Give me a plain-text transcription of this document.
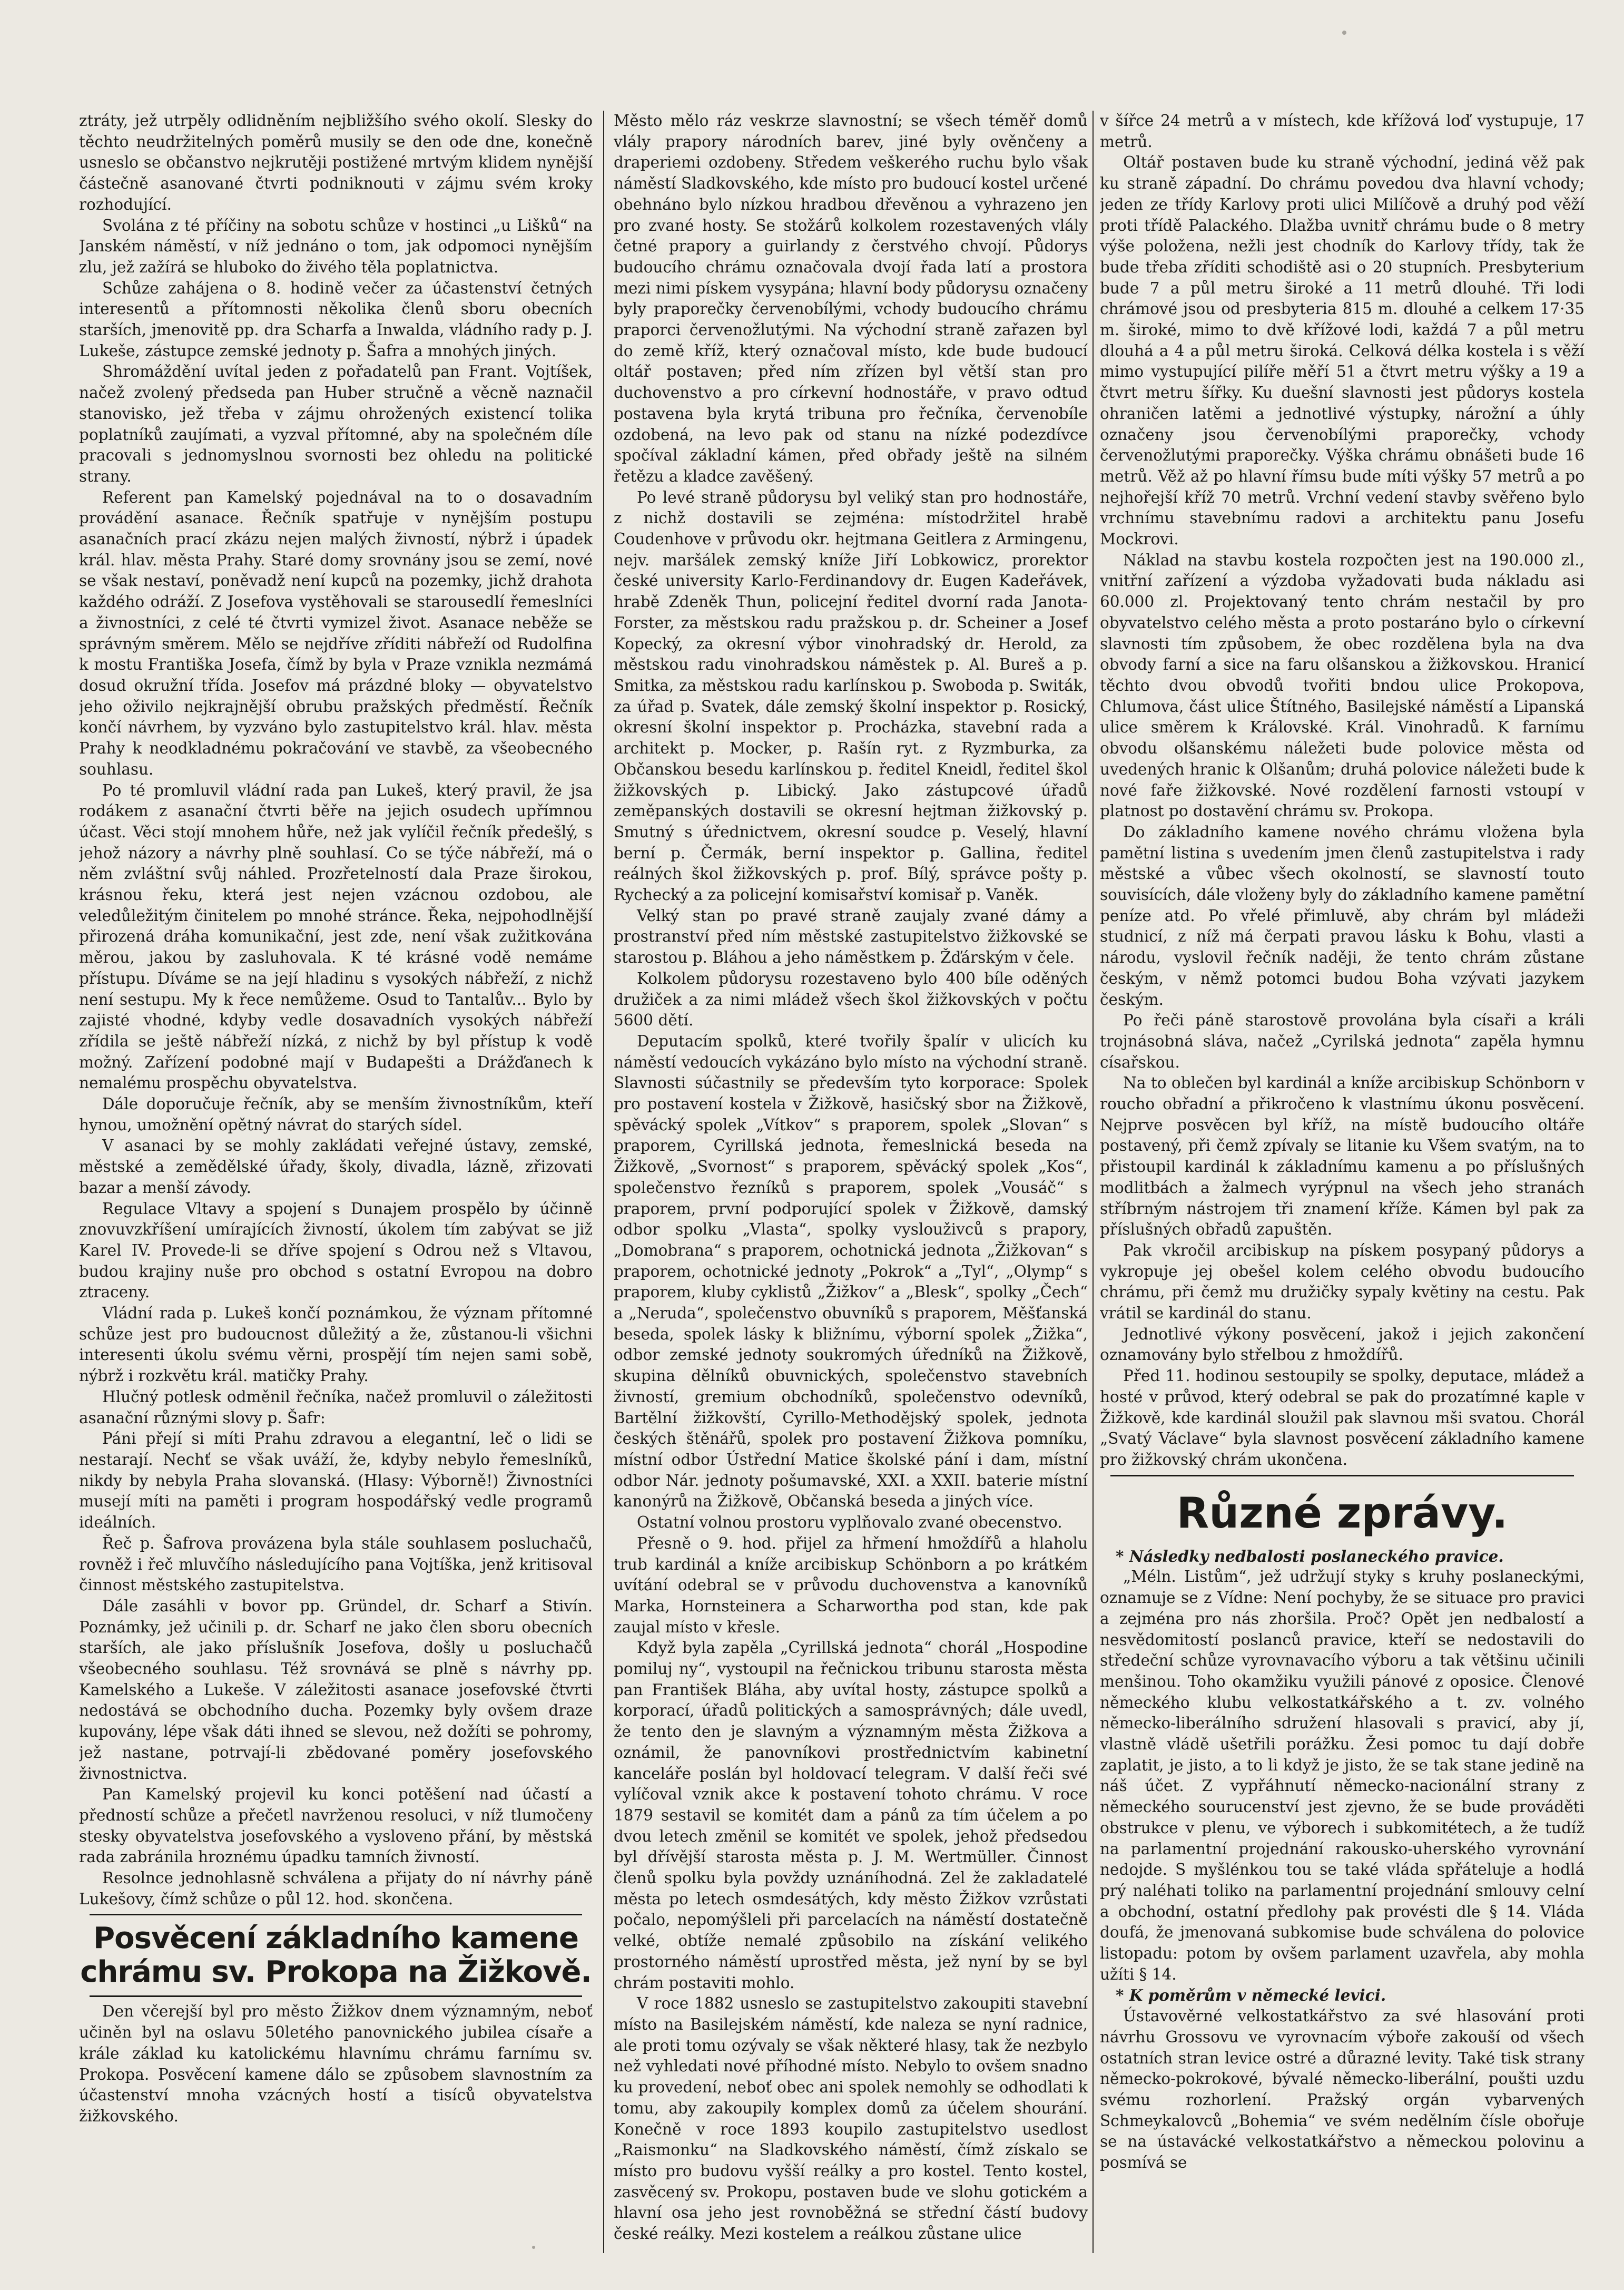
ztráty, jež utrpěly odlidněním nejbližšího svého okolí. Slesky do těchto neudržitelných poměrů musily se den ode dne, konečně usneslo se občanstvo nejkrutěji postižené mrtvým klidem nynější částečně asanované čtvrti podniknouti v zájmu svém kroky rozhodující.

Svolána z té příčiny na sobotu schůze v hostinci „u Lišků“ na Janském náměstí, v níž jednáno o tom, jak odpomoci nynějším zlu, jež zažírá se hluboko do živého těla poplatnictva.

Schůze zahájena o 8. hodině večer za účastenství četných interesentů a přítomnosti několika členů sboru obecních starších, jmenovitě pp. dra Scharfa a Inwalda, vládního rady p. J. Lukeše, zástupce zemské jednoty p. Šafra a mnohých jiných.

Shromáždění uvítal jeden z pořadatelů pan Frant. Vojtíšek, načež zvolený předseda pan Huber stručně a věcně naznačil stanovisko, jež třeba v zájmu ohrožených existencí tolika poplatníků zaujímati, a vyzval přítomné, aby na společném díle pracovali s jednomyslnou svornosti bez ohledu na politické strany.

Referent pan Kamelský pojednával na to o dosavadním provádění asanace. Řečník spatřuje v nynějším postupu asanačních prací zkázu nejen malých živností, nýbrž i úpadek král. hlav. města Prahy. Staré domy srovnány jsou se zemí, nové se však nestaví, poněvadž není kupců na pozemky, jichž drahota každého odráží. Z Josefova vystěhovali se starousedlí řemeslníci a živnostníci, z celé té čtvrti vymizel život. Asanace neběže se správným směrem. Mělo se nejdříve zříditi nábřeží od Rudolfina k mostu Františka Josefa, čímž by byla v Praze vznikla nezmámá dosud okružní třída. Josefov má prázdné bloky — obyvatelstvo jeho oživilo nejkrajnější obrubu pražských předměstí. Řečník končí návrhem, by vyzváno bylo zastupitelstvo král. hlav. města Prahy k neodkladnému pokračování ve stavbě, za všeobecného souhlasu.

Po té promluvil vládní rada pan Lukeš, který pravil, že jsa rodákem z asanační čtvrti běře na jejich osudech upřímnou účast. Věci stojí mnohem hůře, než jak vylíčil řečník předešlý, s jehož názory a návrhy plně souhlasí. Co se týče nábřeží, má o něm zvláštní svůj náhled. Prozřetelností dala Praze širokou, krásnou řeku, která jest nejen vzácnou ozdobou, ale veledůležitým činitelem po mnohé stránce. Řeka, nejpohodlnější přirozená dráha komunikační, jest zde, není však zužitkována měrou, jakou by zasluhovala. K té krásné vodě nemáme přístupu. Díváme se na její hladinu s vysokých nábřeží, z nichž není sestupu. My k řece nemůžeme. Osud to Tantalův... Bylo by zajisté vhodné, kdyby vedle dosavadních vysokých nábřeží zřídila se ještě nábřeží nízká, z nichž by byl přístup k vodě možný. Zařízení podobné mají v Budapešti a Drážďanech k nemalému prospěchu obyvatelstva.

Dále doporučuje řečník, aby se menším živnostníkům, kteří hynou, umožnění opětný návrat do starých sídel.

V asanaci by se mohly zakládati veřejné ústavy, zemské, městské a zemědělské úřady, školy, divadla, lázně, zřizovati bazar a menší závody.

Regulace Vltavy a spojení s Dunajem prospělo by účinně znovuvzkříšení umírajících živností, úkolem tím zabývat se již Karel IV. Provede-li se dříve spojení s Odrou než s Vltavou, budou krajiny nuše pro obchod s ostatní Evropou na dobro ztraceny.

Vládní rada p. Lukeš končí poznámkou, že význam přítomné schůze jest pro budoucnost důležitý a že, zůstanou-li všichni interesenti úkolu svému věrni, prospějí tím nejen sami sobě, nýbrž i rozkvětu král. matičky Prahy.

Hlučný potlesk odměnil řečníka, načež promluvil o záležitosti asanační různými slovy p. Šafr:

Páni přejí si míti Prahu zdravou a elegantní, leč o lidi se nestarají. Nechť se však uváží, že, kdyby nebylo řemeslníků, nikdy by nebyla Praha slovanská. (Hlasy: Výborně!) Živnostníci musejí míti na paměti i program hospodářský vedle programů ideálních.

Řeč p. Šafrova provázena byla stále souhlasem posluchačů, rovněž i řeč mluvčího následujícího pana Vojtíška, jenž kritisoval činnost městského zastupitelstva.

Dále zasáhli v bovor pp. Gründel, dr. Scharf a Stivín. Poznámky, jež učinili p. dr. Scharf ne jako člen sboru obecních starších, ale jako příslušník Josefova, došly u posluchačů všeobecného souhlasu. Též srovnává se plně s návrhy pp. Kamelského a Lukeše. V záležitosti asanace josefovské čtvrti nedostává se obchodního ducha. Pozemky byly ovšem draze kupovány, lépe však dáti ihned se slevou, než dožíti se pohromy, jež nastane, potrvají-li zbědované poměry josefovského živnostnictva.

Pan Kamelský projevil ku konci potěšení nad účastí a předností schůze a přečetl navrženou resoluci, v níž tlumočeny stesky obyvatelstva josefovského a vysloveno přání, by městská rada zabránila hroznému úpadku tamních živností.

Resolnce jednohlasně schválena a přijaty do ní návrhy páně Lukešovy, čímž schůze o půl 12. hod. skončena.

Posvěcení základního kamene chrámu sv. Prokopa na Žižkově.

Den včerejší byl pro město Žižkov dnem významným, neboť učiněn byl na oslavu 50letého panovnického jubilea císaře a krále základ ku katolickému hlavnímu chrámu farnímu sv. Prokopa. Posvěcení kamene dálo se způsobem slavnostním za účastenství mnoha vzácných hostí a tisíců obyvatelstva žižkovského.

Město mělo ráz veskrze slavnostní; se všech téměř domů vlály prapory národních barev, jiné byly ověnčeny a draperiemi ozdobeny. Středem veškerého ruchu bylo však náměstí Sladkovského, kde místo pro budoucí kostel určené obehnáno bylo nízkou hradbou dřevěnou a vyhrazeno jen pro zvané hosty. Se stožárů kolkolem rozestavených vlály četné prapory a guirlandy z čerstvého chvojí. Půdorys budoucího chrámu označovala dvojí řada latí a prostora mezi nimi pískem vysypána; hlavní body půdorysu označeny byly praporečky červenobílými, vchody budoucího chrámu praporci červenožlutými. Na východní straně zařazen byl do země kříž, který označoval místo, kde bude budoucí oltář postaven; před ním zřízen byl větší stan pro duchovenstvo a pro církevní hodnostáře, v pravo odtud postavena byla krytá tribuna pro řečníka, červenobíle ozdobená, na levo pak od stanu na nízké podezdívce spočíval základní kámen, před obřady ještě na silném řetězu a kladce zavěšený.

Po levé straně půdorysu byl veliký stan pro hodnostáře, z nichž dostavili se zejména: místodržitel hrabě Coudenhove v průvodu okr. hejtmana Geitlera z Armingenu, nejv. maršálek zemský kníže Jiří Lobkowicz, prorektor české university Karlo-Ferdinandovy dr. Eugen Kadeřávek, hrabě Zdeněk Thun, policejní ředitel dvorní rada Janota-Forster, za městskou radu pražskou p. dr. Scheiner a Josef Kopecký, za okresní výbor vinohradský dr. Herold, za městskou radu vinohradskou náměstek p. Al. Bureš a p. Smitka, za městskou radu karlínskou p. Swoboda p. Switák, za úřad p. Svatek, dále zemský školní inspektor p. Rosický, okresní školní inspektor p. Procházka, stavební rada a architekt p. Mocker, p. Rašín ryt. z Ryzmburka, za Občanskou besedu karlínskou p. ředitel Kneidl, ředitel škol žižkovských p. Libický. Jako zástupcové úřadů zeměpanských dostavili se okresní hejtman žižkovský p. Smutný s úřednictvem, okresní soudce p. Veselý, hlavní berní p. Čermák, berní inspektor p. Gallina, ředitel reálných škol žižkovských p. prof. Bílý, správce pošty p. Rychecký a za policejní komisařství komisař p. Vaněk.

Velký stan po pravé straně zaujaly zvané dámy a prostranství před ním městské zastupitelstvo žižkovské se starostou p. Bláhou a jeho náměstkem p. Žďárským v čele.

Kolkolem půdorysu rozestaveno bylo 400 bíle oděných družiček a za nimi mládež všech škol žižkovských v počtu 5600 dětí.

Deputacím spolků, které tvořily špalír v ulicích ku náměstí vedoucích vykázáno bylo místo na východní straně. Slavnosti súčastnily se především tyto korporace: Spolek pro postavení kostela v Žižkově, hasičský sbor na Žižkově, spěvácký spolek „Vítkov“ s praporem, spolek „Slovan“ s praporem, Cyrillská jednota, řemeslnická beseda na Žižkově, „Svornost“ s praporem, spěvácký spolek „Kos“, společenstvo řezníků s praporem, spolek „Vousáč“ s praporem, první podporující spolek v Žižkově, damský odbor spolku „Vlasta“, spolky vyslouživců s prapory, „Domobrana“ s praporem, ochotnická jednota „Žižkovan“ s praporem, ochotnické jednoty „Pokrok“ a „Tyl“, „Olymp“ s praporem, kluby cyklistů „Žižkov“ a „Blesk“, spolky „Čech“ a „Neruda“, společenstvo obuvníků s praporem, Měšťanská beseda, spolek lásky k bližnímu, výborní spolek „Žižka“, odbor zemské jednoty soukromých úředníků na Žižkově, skupina dělníků obuvnických, společenstvo stavebních živností, gremium obchodníků, společenstvo odevníků, Bartělní žižkovští, Cyrillo-Methodějský spolek, jednota českých štěnářů, spolek pro postavení Žižkova pomníku, místní odbor Ústřední Matice školské pání i dam, místní odbor Nár. jednoty pošumavské, XXI. a XXII. baterie místní kanonýrů na Žižkově, Občanská beseda a jiných více.

Ostatní volnou prostoru vyplňovalo zvané obecenstvo.

Přesně o 9. hod. přijel za hřmení hmoždířů a hlaholu trub kardinál a kníže arcibiskup Schönborn a po krátkém uvítání odebral se v průvodu duchovenstva a kanovníků Marka, Hornsteinera a Scharwortha pod stan, kde pak zaujal místo v křesle.

Když byla zapěla „Cyrillská jednota“ chorál „Hospodine pomiluj ny“, vystoupil na řečnickou tribunu starosta města pan František Bláha, aby uvítal hosty, zástupce spolků a korporací, úřadů politických a samosprávných; dále uvedl, že tento den je slavným a významným města Žižkova a oznámil, že panovníkovi prostřednictvím kabinetní kanceláře poslán byl holdovací telegram. V další řeči své vylíčoval vznik akce k postavení tohoto chrámu. V roce 1879 sestavil se komitét dam a pánů za tím účelem a po dvou letech změnil se komitét ve spolek, jehož předsedou byl dřívější starosta města p. J. M. Wertmüller. Činnost členů spolku byla povždy uznáníhodná. Zel že zakladatelé města po letech osmdesátých, kdy město Žižkov vzrůstati počalo, nepomýšleli při parcelacích na náměstí dostatečně velké, obtíže nemalé způsobilo na získání velikého prostorného náměstí uprostřed města, jež nyní by se byl chrám postaviti mohlo.

V roce 1882 usneslo se zastupitelstvo zakoupiti stavební místo na Basilejském náměstí, kde naleza se nyní radnice, ale proti tomu ozývaly se však některé hlasy, tak že nezbylo než vyhledati nové příhodné místo. Nebylo to ovšem snadno ku provedení, neboť obec ani spolek nemohly se odhodlati k tomu, aby zakoupily komplex domů za účelem shourání. Konečně v roce 1893 koupilo zastupitelstvo usedlost „Raismonku“ na Sladkovského náměstí, čímž získalo se místo pro budovu vyšší reálky a pro kostel. Tento kostel, zasvěcený sv. Prokopu, postaven bude ve slohu gotickém a hlavní osa jeho jest rovnoběžná se střední částí budovy české reálky. Mezi kostelem a reálkou zůstane ulice

v šířce 24 metrů a v místech, kde křížová loď vystupuje, 17 metrů.

Oltář postaven bude ku straně východní, jediná věž pak ku straně západní. Do chrámu povedou dva hlavní vchody; jeden ze třídy Karlovy proti ulici Milíčově a druhý pod věží proti třídě Palackého. Dlažba uvnitř chrámu bude o 8 metry výše položena, nežli jest chodník do Karlovy třídy, tak že bude třeba zříditi schodiště asi o 20 stupních. Presbyterium bude 7 a půl metru široké a 11 metrů dlouhé. Tři lodi chrámové jsou od presbyteria 815 m. dlouhé a celkem 17·35 m. široké, mimo to dvě křížové lodi, každá 7 a půl metru dlouhá a 4 a půl metru široká. Celková délka kostela i s věží mimo vystupující pilíře měří 51 a čtvrt metru výšky a 19 a čtvrt metru šířky. Ku duešní slavnosti jest půdorys kostela ohraničen latěmi a jednotlivé výstupky, nárožní a úhly označeny jsou červenobílými praporečky, vchody červenožlutými praporečky. Výška chrámu obnášeti bude 16 metrů. Věž až po hlavní římsu bude míti výšky 57 metrů a po nejhořejší kříž 70 metrů. Vrchní vedení stavby svěřeno bylo vrchnímu stavebnímu radovi a architektu panu Josefu Mockrovi.

Náklad na stavbu kostela rozpočten jest na 190.000 zl., vnitřní zařízení a výzdoba vyžadovati buda nákladu asi 60.000 zl. Projektovaný tento chrám nestačil by pro obyvatelstvo celého města a proto postaráno bylo o církevní slavnosti tím způsobem, že obec rozdělena byla na dva obvody farní a sice na faru olšanskou a žižkovskou. Hranicí těchto dvou obvodů tvořiti bndou ulice Prokopova, Chlumova, část ulice Štítného, Basilejské náměstí a Lipanská ulice směrem k Královské. Král. Vinohradů. K farnímu obvodu olšanskému náležeti bude polovice města od uvedených hranic k Olšanům; druhá polovice náležeti bude k nové faře žižkovské. Nové rozdělení farnosti vstoupí v platnost po dostavění chrámu sv. Prokopa.

Do základního kamene nového chrámu vložena byla pamětní listina s uvedením jmen členů zastupitelstva i rady městské a vůbec všech okolností, se slavností touto souvisících, dále vloženy byly do základního kamene pamětní peníze atd. Po vřelé přimluvě, aby chrám byl mládeži studnicí, z níž má čerpati pravou lásku k Bohu, vlasti a národu, vyslovil řečník naději, že tento chrám zůstane českým, v němž potomci budou Boha vzývati jazykem českým.

Po řeči páně starostově provolána byla císaři a králi trojnásobná sláva, načež „Cyrilská jednota“ zapěla hymnu císařskou.

Na to oblečen byl kardinál a kníže arcibiskup Schönborn v roucho obřadní a přikročeno k vlastnímu úkonu posvěcení. Nejprve posvěcen byl kříž, na místě budoucího oltáře postavený, při čemž zpívaly se litanie ku Všem svatým, na to přistoupil kardinál k základnímu kamenu a po příslušných modlitbách a žalmech vyrýpnul na všech jeho stranách stříbrným nástrojem tři znamení kříže. Kámen byl pak za příslušných obřadů zapuštěn.

Pak vkročil arcibiskup na pískem posypaný půdorys a vykropuje jej obešel kolem celého obvodu budoucího chrámu, při čemž mu družičky sypaly květiny na cestu. Pak vrátil se kardinál do stanu.

Jednotlivé výkony posvěcení, jakož i jejich zakončení oznamovány bylo střelbou z hmoždířů.

Před 11. hodinou sestoupily se spolky, deputace, mládež a hosté v průvod, který odebral se pak do prozatímné kaple v Žižkově, kde kardinál sloužil pak slavnou mši svatou. Chorál „Svatý Václave“ byla slavnost posvěcení základního kamene pro žižkovský chrám ukončena.

Různé zprávy.
* Následky nedbalosti poslaneckého pravice.

„Méln. Listům“, jež udržují styky s kruhy poslaneckými, oznamuje se z Vídne: Není pochyby, že se situace pro pravici a zejména pro nás zhoršila. Proč? Opět jen nedbalostí a nesvědomitostí poslanců pravice, kteří se nedostavili do středeční schůze vyrovnavacího výboru a tak většinu učinili menšinou. Toho okamžiku využili pánové z oposice. Členové německého klubu velkostatkářského a t. zv. volného německo-liberálního sdružení hlasovali s pravicí, aby jí, vlastně vládě ušetřili porážku. Žesi pomoc tu dají dobře zaplatit, je jisto, a to li když je jisto, že se tak stane jedině na náš účet. Z vypřáhnutí německo-nacionální strany z německého sourucenství jest zjevno, že se bude prováděti obstrukce v plenu, ve výborech i subkomitétech, a že tudíž na parlamentní projednání rakousko-uherského vyrovnání nedojde. S myšlénkou tou se také vláda spřáteluje a hodlá prý naléhati toliko na parlamentní projednání smlouvy celní a obchodní, ostatní předlohy pak provésti dle § 14. Vláda doufá, že jmenovaná subkomise bude schválena do polovice listopadu: potom by ovšem parlament uzavřela, aby mohla užíti § 14.

* K poměrům v německé levici.

Ústavověrné velkostatkářstvo za své hlasování proti návrhu Grossovu ve vyrovnacím výboře zakouší od všech ostatních stran levice ostré a důrazné levity. Také tisk strany německo-pokrokové, bývalé německo-liberální, poušti uzdu svému rozhorlení. Pražský orgán vybarvených Schmeykalovců „Bohemia“ ve svém nedělním čísle obořuje se na ústavácké velkostatkářstvo a německou polovinu a posmívá se
